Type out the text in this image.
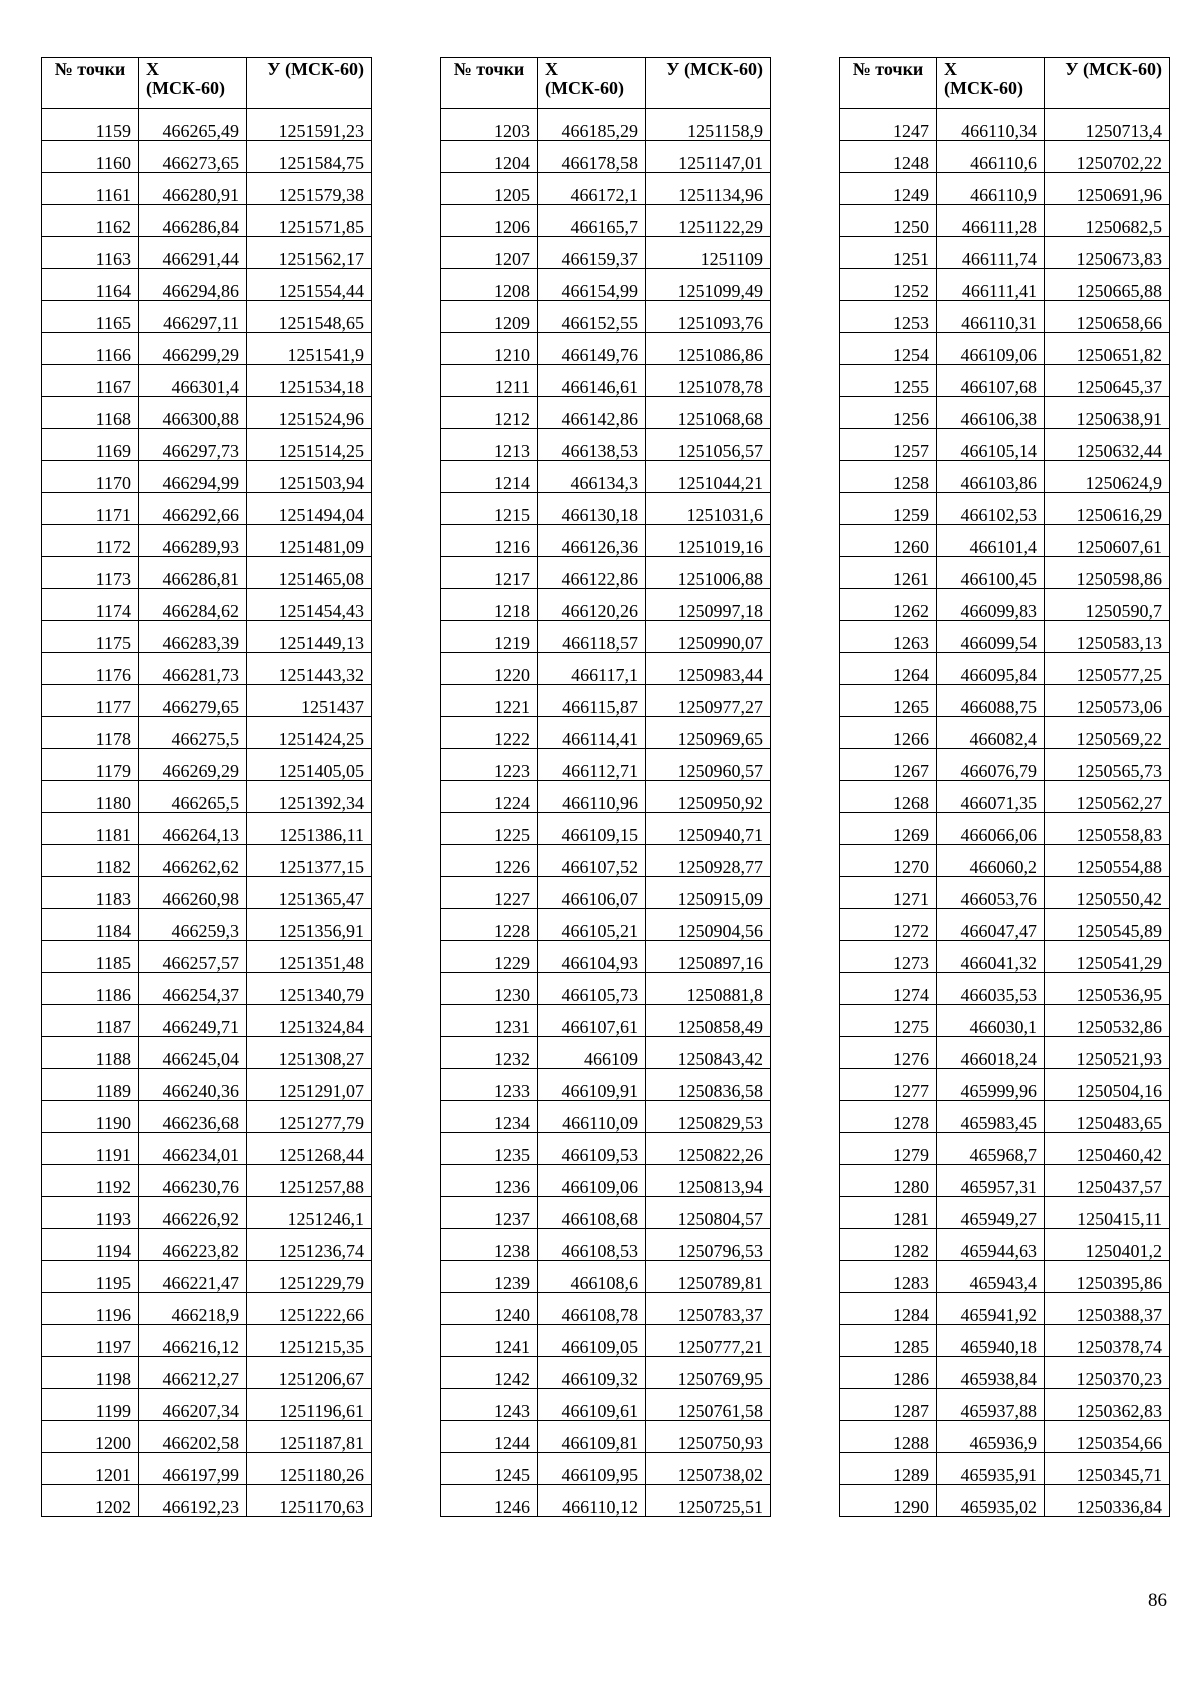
№ точки	Х (МСК-60)	У (МСК-60)
1159	466265,49	1251591,23
1160	466273,65	1251584,75
1161	466280,91	1251579,38
1162	466286,84	1251571,85
1163	466291,44	1251562,17
1164	466294,86	1251554,44
1165	466297,11	1251548,65
1166	466299,29	1251541,9
1167	466301,4	1251534,18
1168	466300,88	1251524,96
1169	466297,73	1251514,25
1170	466294,99	1251503,94
1171	466292,66	1251494,04
1172	466289,93	1251481,09
1173	466286,81	1251465,08
1174	466284,62	1251454,43
1175	466283,39	1251449,13
1176	466281,73	1251443,32
1177	466279,65	1251437
1178	466275,5	1251424,25
1179	466269,29	1251405,05
1180	466265,5	1251392,34
1181	466264,13	1251386,11
1182	466262,62	1251377,15
1183	466260,98	1251365,47
1184	466259,3	1251356,91
1185	466257,57	1251351,48
1186	466254,37	1251340,79
1187	466249,71	1251324,84
1188	466245,04	1251308,27
1189	466240,36	1251291,07
1190	466236,68	1251277,79
1191	466234,01	1251268,44
1192	466230,76	1251257,88
1193	466226,92	1251246,1
1194	466223,82	1251236,74
1195	466221,47	1251229,79
1196	466218,9	1251222,66
1197	466216,12	1251215,35
1198	466212,27	1251206,67
1199	466207,34	1251196,61
1200	466202,58	1251187,81
1201	466197,99	1251180,26
1202	466192,23	1251170,63
№ точки	Х (МСК-60)	У (МСК-60)
1203	466185,29	1251158,9
1204	466178,58	1251147,01
1205	466172,1	1251134,96
1206	466165,7	1251122,29
1207	466159,37	1251109
1208	466154,99	1251099,49
1209	466152,55	1251093,76
1210	466149,76	1251086,86
1211	466146,61	1251078,78
1212	466142,86	1251068,68
1213	466138,53	1251056,57
1214	466134,3	1251044,21
1215	466130,18	1251031,6
1216	466126,36	1251019,16
1217	466122,86	1251006,88
1218	466120,26	1250997,18
1219	466118,57	1250990,07
1220	466117,1	1250983,44
1221	466115,87	1250977,27
1222	466114,41	1250969,65
1223	466112,71	1250960,57
1224	466110,96	1250950,92
1225	466109,15	1250940,71
1226	466107,52	1250928,77
1227	466106,07	1250915,09
1228	466105,21	1250904,56
1229	466104,93	1250897,16
1230	466105,73	1250881,8
1231	466107,61	1250858,49
1232	466109	1250843,42
1233	466109,91	1250836,58
1234	466110,09	1250829,53
1235	466109,53	1250822,26
1236	466109,06	1250813,94
1237	466108,68	1250804,57
1238	466108,53	1250796,53
1239	466108,6	1250789,81
1240	466108,78	1250783,37
1241	466109,05	1250777,21
1242	466109,32	1250769,95
1243	466109,61	1250761,58
1244	466109,81	1250750,93
1245	466109,95	1250738,02
1246	466110,12	1250725,51
№ точки	Х (МСК-60)	У (МСК-60)
1247	466110,34	1250713,4
1248	466110,6	1250702,22
1249	466110,9	1250691,96
1250	466111,28	1250682,5
1251	466111,74	1250673,83
1252	466111,41	1250665,88
1253	466110,31	1250658,66
1254	466109,06	1250651,82
1255	466107,68	1250645,37
1256	466106,38	1250638,91
1257	466105,14	1250632,44
1258	466103,86	1250624,9
1259	466102,53	1250616,29
1260	466101,4	1250607,61
1261	466100,45	1250598,86
1262	466099,83	1250590,7
1263	466099,54	1250583,13
1264	466095,84	1250577,25
1265	466088,75	1250573,06
1266	466082,4	1250569,22
1267	466076,79	1250565,73
1268	466071,35	1250562,27
1269	466066,06	1250558,83
1270	466060,2	1250554,88
1271	466053,76	1250550,42
1272	466047,47	1250545,89
1273	466041,32	1250541,29
1274	466035,53	1250536,95
1275	466030,1	1250532,86
1276	466018,24	1250521,93
1277	465999,96	1250504,16
1278	465983,45	1250483,65
1279	465968,7	1250460,42
1280	465957,31	1250437,57
1281	465949,27	1250415,11
1282	465944,63	1250401,2
1283	465943,4	1250395,86
1284	465941,92	1250388,37
1285	465940,18	1250378,74
1286	465938,84	1250370,23
1287	465937,88	1250362,83
1288	465936,9	1250354,66
1289	465935,91	1250345,71
1290	465935,02	1250336,84
86
